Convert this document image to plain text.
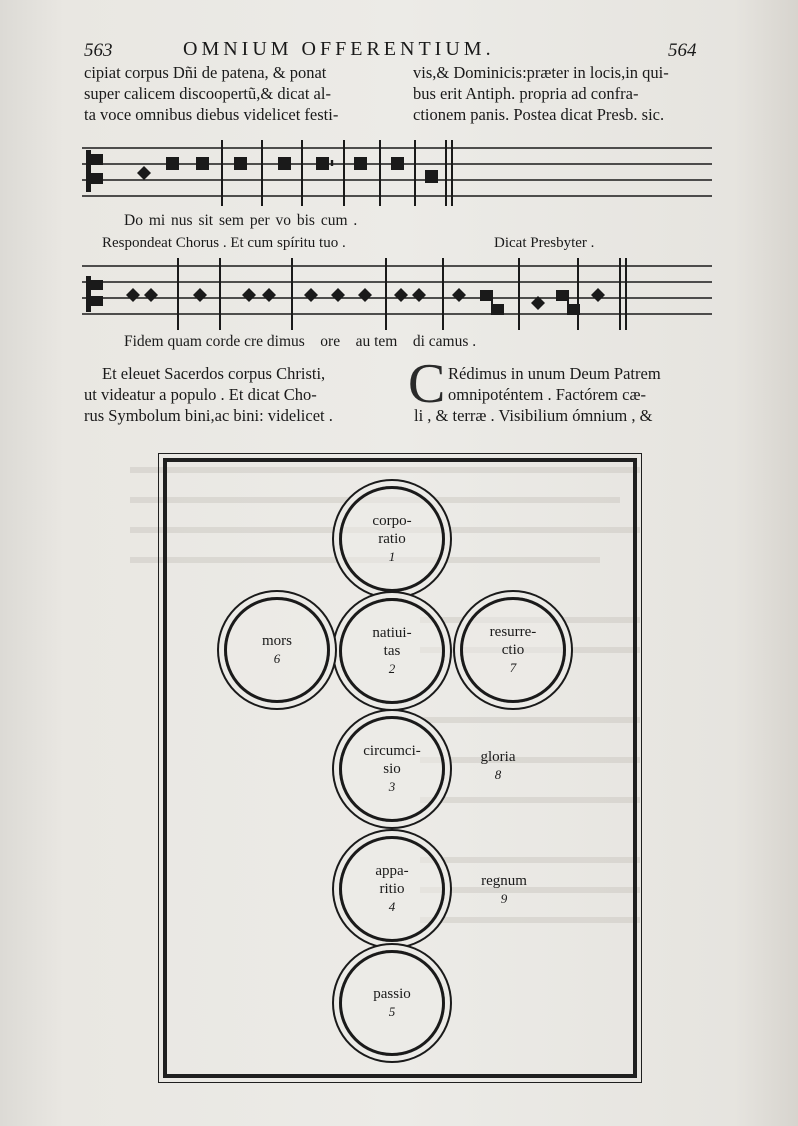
563	OMNIUM OFFERENTIUM.	564
cipiat corpus Dñi de patena, & ponat
super calicem discoopertũ,& dicat al-
ta voce omnibus diebus videlicet festi-
vis,& Dominicis:præter in locis,in qui-
bus erit Antiph. propria ad confra-
ctionem panis. Postea dicat Presb. sic.
Do mi nus sit sem per vo bis cum .
Respondeat Chorus . Et cum spíritu tuo .	Dicat Presbyter .
Fidem quam corde cre dimus    ore    au tem    di camus .
Et eleuet Sacerdos corpus Christi,
ut videatur a populo . Et dicat Cho-
rus Symbolum bini,ac bini: videlicet .
C Rédimus in unum Deum Patrem
omnipoténtem . Factórem cæ-
li , & terræ . Visibilium ómnium , &
corpo-
ratio
1
natiui-
tas
2
circumci-
sio
3
appa-
ritio
4
passio
5
mors
6
resurre-
ctio
7
gloria
8
regnum
9
